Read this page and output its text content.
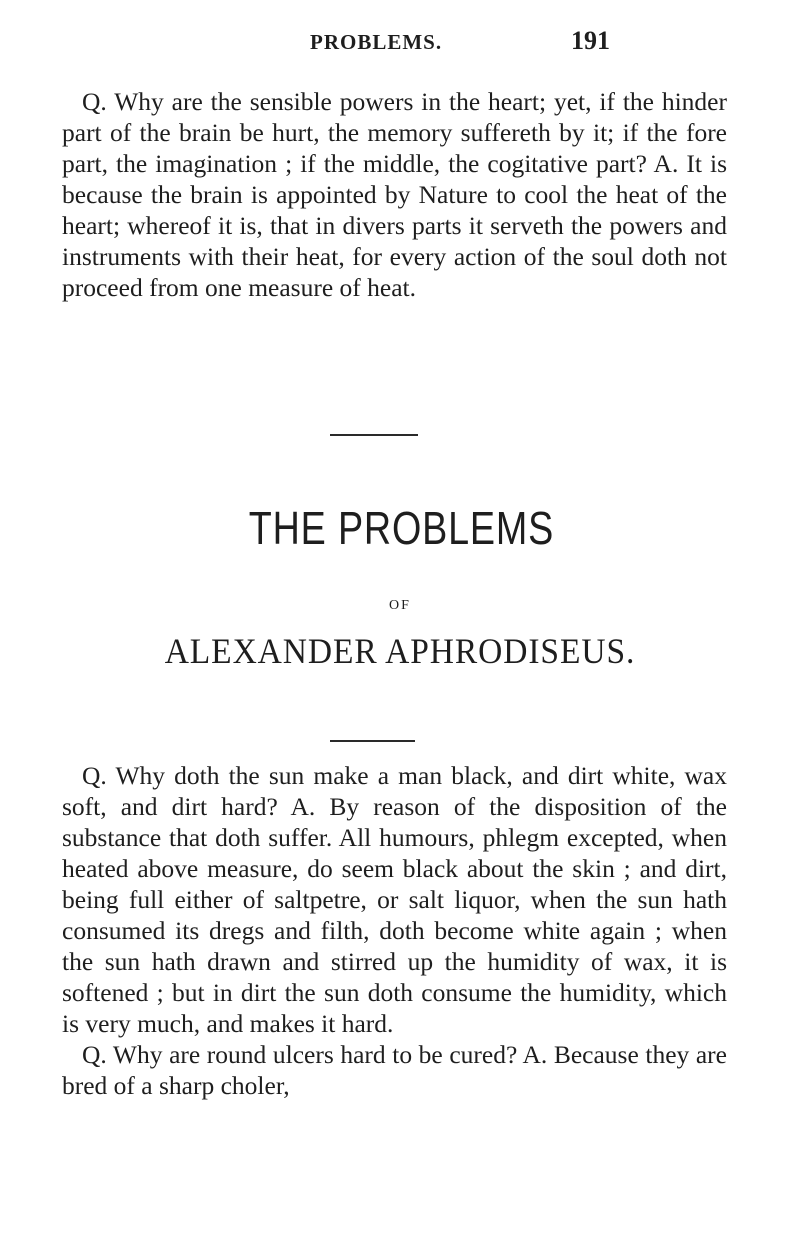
PROBLEMS.	191

Q. Why are the sensible powers in the heart; yet, if the hinder part of the brain be hurt, the memory suffereth by it; if the fore part, the imagination ; if the middle, the cogitative part? A. It is because the brain is appointed by Nature to cool the heat of the heart; whereof it is, that in divers parts it serveth the powers and instruments with their heat, for every action of the soul doth not proceed from one measure of heat.

THE PROBLEMS
OF
ALEXANDER APHRODISEUS.

Q. Why doth the sun make a man black, and dirt white, wax soft, and dirt hard? A. By reason of the disposition of the substance that doth suffer. All humours, phlegm excepted, when heated above measure, do seem black about the skin ; and dirt, being full either of saltpetre, or salt liquor, when the sun hath consumed its dregs and filth, doth become white again ; when the sun hath drawn and stirred up the humidity of wax, it is softened ; but in dirt the sun doth consume the humidity, which is very much, and makes it hard.

Q. Why are round ulcers hard to be cured? A. Because they are bred of a sharp choler,
